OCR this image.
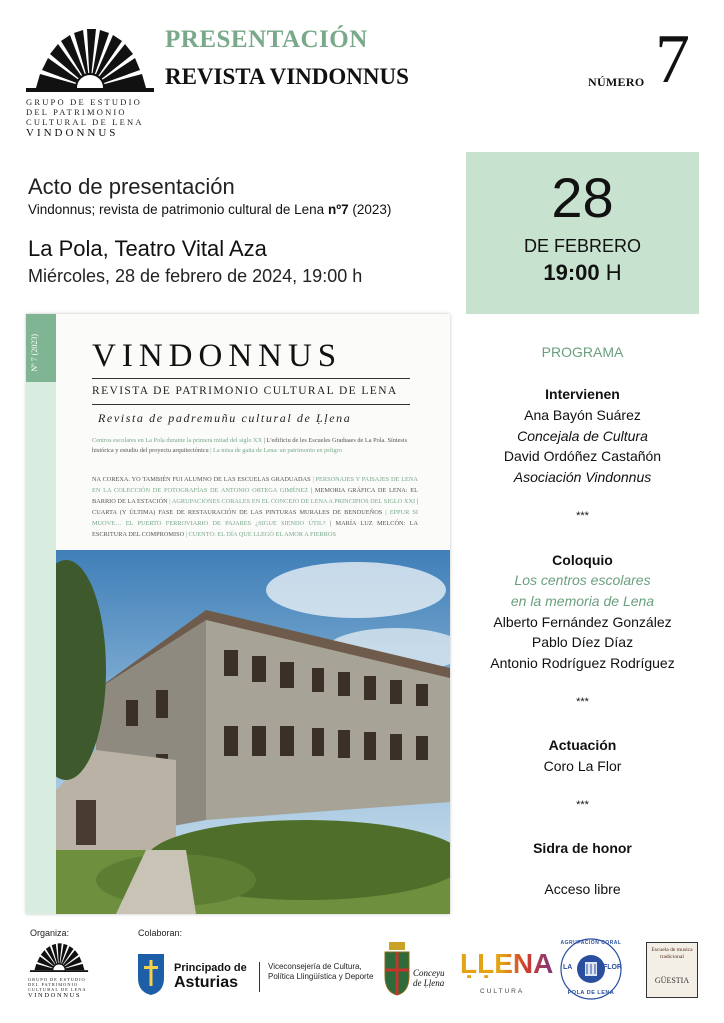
GRUPO DE ESTUDIO
DEL PATRIMONIO
CULTURAL DE LENA
VINDONNUS
PRESENTACIÓN
REVISTA VINDONNUS	NÚMERO 7
Acto de presentación
Vindonnus; revista de patrimonio cultural de Lena nº7 (2023)
La Pola, Teatro Vital Aza
Miércoles, 28 de febrero de 2024, 19:00 h
28
DE FEBRERO
19:00 H
Nº 7 (2023)	VINDONNUS
REVISTA DE PATRIMONIO CULTURAL DE LENA
Revista de padremuñu cultural de Ḷḷena
Centros escolares en La Pola durante la primera mitad del siglo XX | L'edificiu de les Escueles Graduaes de La Pola. Síntesis histórica y estudiu del proyectu arquitectónicu | La misa de gaita de Lena: un patrimonio en peligro
NA COREXA. YO TAMBIÉN FUI ALUMNO DE LAS ESCUELAS GRADUADAS | PERSONAJES Y PAISAJES DE LENA EN LA COLECCIÓN DE FOTOGRAFÍAS DE ANTONIO ORTEGA GIMÉNEZ | MEMORIA GRÁFICA DE LENA: EL BARRIO DE LA ESTACIÓN | AGRUPACIONES CORALES EN EL CONCEJO DE LENA A PRINCIPIOS DEL SIGLO XXI | CUARTA (Y ÚLTIMA) FASE DE RESTAURACIÓN DE LAS PINTURAS MURALES DE BENDUEÑOS | EPPUR SI MUOVE… EL PUERTO FERROVIARIO DE PAJARES ¿SIGUE SIENDO ÚTIL? | MARÍA LUZ MELCÓN: LA ESCRITURA DEL COMPROMISO | CUENTO: EL DÍA QUE LLEGÓ EL AMOR A FIERROS
PROGRAMA
Intervienen
Ana Bayón Suárez
Concejala de Cultura
David Ordóñez Castañón
Asociación Vindonnus
***
Coloquio
Los centros escolares
en la memoria de Lena
Alberto Fernández González
Pablo Díez Díaz
Antonio Rodríguez Rodríguez
***
Actuación
Coro La Flor
***
Sidra de honor
Acceso libre
Organiza:	Colaboran:
GRUPO DE ESTUDIO
DEL PATRIMONIO
CULTURAL DE LENA
VINDONNUS
Principado de
Asturias
Viceconsejería de Cultura, Política Llingüística y Deporte	Conceyu
de Ḷḷena
ḶḶENA
CULTURA
AGRUPACIÓN CORAL
LA	FLOR
POLA DE LENA
Escuela de musica tradicional
GÜESTIA
